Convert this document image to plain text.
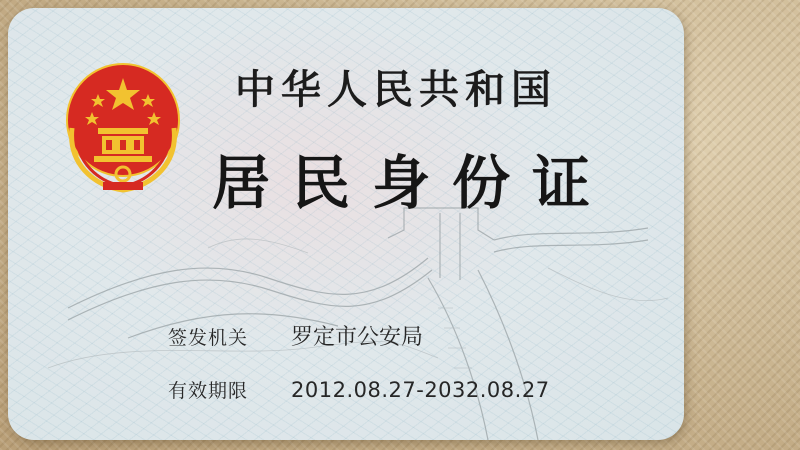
中华人民共和国
居民身份证
签发机关	罗定市公安局
有效期限	2012.08.27-2032.08.27
